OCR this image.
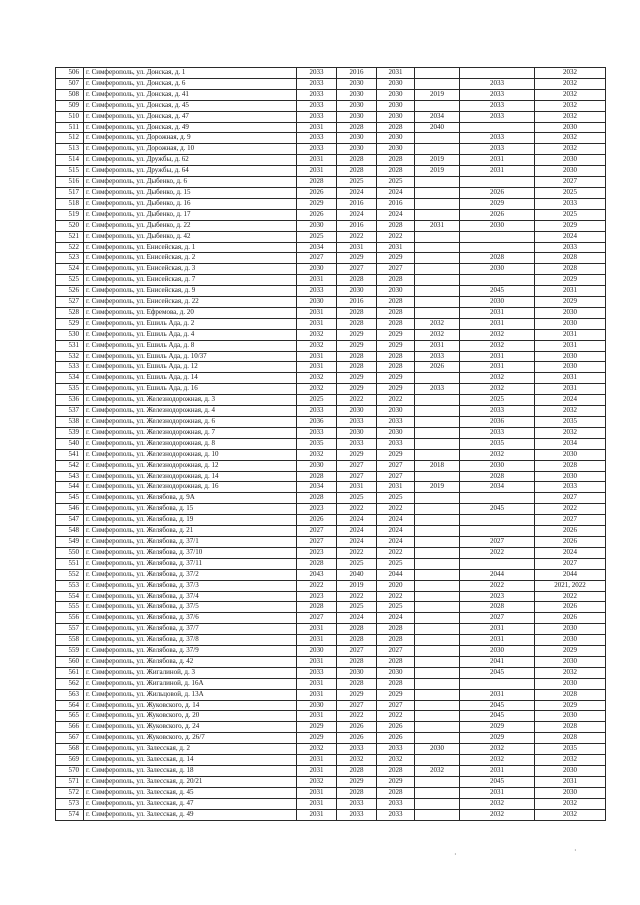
506	г. Симферополь, ул. Донская, д. 1	2033	2016	2031			2032
507	г. Симферополь, ул. Донская, д. 6	2033	2030	2030		2033	2032
508	г. Симферополь, ул. Донская, д. 41	2033	2030	2030	2019	2033	2032
509	г. Симферополь, ул. Донская, д. 45	2033	2030	2030		2033	2032
510	г. Симферополь, ул. Донская, д. 47	2033	2030	2030	2034	2033	2032
511	г. Симферополь, ул. Донская, д. 49	2031	2028	2028	2040		2030
512	г. Симферополь, ул. Дорожная, д. 9	2033	2030	2030		2033	2032
513	г. Симферополь, ул. Дорожная, д. 10	2033	2030	2030		2033	2032
514	г. Симферополь, ул. Дружбы, д. 62	2031	2028	2028	2019	2031	2030
515	г. Симферополь, ул. Дружбы, д. 64	2031	2028	2028	2019	2031	2030
516	г. Симферополь, ул. Дыбенко, д. 6	2028	2025	2025			2027
517	г. Симферополь, ул. Дыбенко, д. 15	2026	2024	2024		2026	2025
518	г. Симферополь, ул. Дыбенко, д. 16	2029	2016	2016		2029	2033
519	г. Симферополь, ул. Дыбенко, д. 17	2026	2024	2024		2026	2025
520	г. Симферополь, ул. Дыбенко, д. 22	2030	2016	2028	2031	2030	2029
521	г. Симферополь, ул. Дыбенко, д. 42	2025	2022	2022			2024
522	г. Симферополь, ул. Енисейская, д. 1	2034	2031	2031			2033
523	г. Симферополь, ул. Енисейская, д. 2	2027	2029	2029		2028	2028
524	г. Симферополь, ул. Енисейская, д. 3	2030	2027	2027		2030	2028
525	г. Симферополь, ул. Енисейская, д. 7	2031	2028	2028			2029
526	г. Симферополь, ул. Енисейская, д. 9	2033	2030	2030		2045	2031
527	г. Симферополь, ул. Енисейская, д. 22	2030	2016	2028		2030	2029
528	г. Симферополь, ул. Ефремова, д. 20	2031	2028	2028		2031	2030
529	г. Симферополь, ул. Ешиль Ада, д. 2	2031	2028	2028	2032	2031	2030
530	г. Симферополь, ул. Ешиль Ада, д. 4	2032	2029	2029	2032	2032	2031
531	г. Симферополь, ул. Ешиль Ада, д. 8	2032	2029	2029	2031	2032	2031
532	г. Симферополь, ул. Ешиль Ада, д. 10/37	2031	2028	2028	2033	2031	2030
533	г. Симферополь, ул. Ешиль Ада, д. 12	2031	2028	2028	2026	2031	2030
534	г. Симферополь, ул. Ешиль Ада, д. 14	2032	2029	2029		2032	2031
535	г. Симферополь, ул. Ешиль Ада, д. 16	2032	2029	2029	2033	2032	2031
536	г. Симферополь, ул. Железнодорожная, д. 3	2025	2022	2022		2025	2024
537	г. Симферополь, ул. Железнодорожная, д. 4	2033	2030	2030		2033	2032
538	г. Симферополь, ул. Железнодорожная, д. 6	2036	2033	2033		2036	2035
539	г. Симферополь, ул. Железнодорожная, д. 7	2033	2030	2030		2033	2032
540	г. Симферополь, ул. Железнодорожная, д. 8	2035	2033	2033		2035	2034
541	г. Симферополь, ул. Железнодорожная, д. 10	2032	2029	2029		2032	2030
542	г. Симферополь, ул. Железнодорожная, д. 12	2030	2027	2027	2018	2030	2028
543	г. Симферополь, ул. Железнодорожная, д. 14	2028	2027	2027		2028	2030
544	г. Симферополь, ул. Железнодорожная, д. 16	2034	2031	2031	2019	2034	2033
545	г. Симферополь, ул. Желябова, д. 9А	2028	2025	2025			2027
546	г. Симферополь, ул. Желябова, д. 15	2023	2022	2022		2045	2022
547	г. Симферополь, ул. Желябова, д. 19	2026	2024	2024			2027
548	г. Симферополь, ул. Желябова, д. 21	2027	2024	2024			2026
549	г. Симферополь, ул. Желябова, д. 37/1	2027	2024	2024		2027	2026
550	г. Симферополь, ул. Желябова, д. 37/10	2023	2022	2022		2022	2024
551	г. Симферополь, ул. Желябова, д. 37/11	2028	2025	2025			2027
552	г. Симферополь, ул. Желябова, д. 37/2	2043	2040	2044		2044	2044
553	г. Симферополь, ул. Желябова, д. 37/3	2022	2019	2020		2022	2021, 2022
554	г. Симферополь, ул. Желябова, д. 37/4	2023	2022	2022		2023	2022
555	г. Симферополь, ул. Желябова, д. 37/5	2028	2025	2025		2028	2026
556	г. Симферополь, ул. Желябова, д. 37/6	2027	2024	2024		2027	2026
557	г. Симферополь, ул. Желябова, д. 37/7	2031	2028	2028		2031	2030
558	г. Симферополь, ул. Желябова, д. 37/8	2031	2028	2028		2031	2030
559	г. Симферополь, ул. Желябова, д. 37/9	2030	2027	2027		2030	2029
560	г. Симферополь, ул. Желябова, д. 42	2031	2028	2028		2041	2030
561	г. Симферополь, ул. Жигалиной, д. 3	2033	2030	2030		2045	2032
562	г. Симферополь, ул. Жигалиной, д. 16А	2031	2028	2028			2030
563	г. Симферополь, ул. Жильцовой, д. 13А	2031	2029	2029		2031	2028
564	г. Симферополь, ул. Жуковского, д. 14	2030	2027	2027		2045	2029
565	г. Симферополь, ул. Жуковского, д. 20	2031	2022	2022		2045	2030
566	г. Симферополь, ул. Жуковского, д. 24	2029	2026	2026		2029	2028
567	г. Симферополь, ул. Жуковского, д. 26/7	2029	2026	2026		2029	2028
568	г. Симферополь, ул. Залесская, д. 2	2032	2033	2033	2030	2032	2035
569	г. Симферополь, ул. Залесская, д. 14	2031	2032	2032		2032	2032
570	г. Симферополь, ул. Залесская, д. 18	2031	2028	2028	2032	2031	2030
571	г. Симферополь, ул. Залесская, д. 20/21	2032	2029	2029		2045	2031
572	г. Симферополь, ул. Залесская, д. 45	2031	2028	2028		2031	2030
573	г. Симферополь, ул. Залесская, д. 47	2031	2033	2033		2032	2032
574	г. Симферополь, ул. Залесская, д. 49	2031	2033	2033		2032	2032
·	·
